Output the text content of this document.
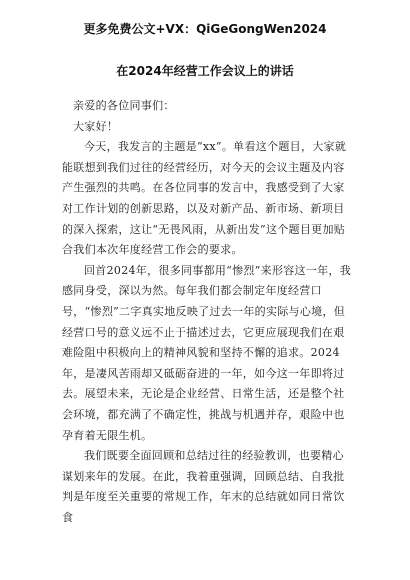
更多免费公文+VX：QiGeGongWen2024
在2024年经营工作会议上的讲话

亲爱的各位同事们：

大家好！

今天，我发言的主题是“xx”。单看这个题目，大家就能联想到我们过往的经营经历，对今天的会议主题及内容产生强烈的共鸣。在各位同事的发言中，我感受到了大家对工作计划的创新思路，以及对新产品、新市场、新项目的深入探索，这让“无畏风雨，从新出发”这个题目更加贴合我们本次年度经营工作会的要求。

回首2024年，很多同事都用“惨烈”来形容这一年，我感同身受，深以为然。每年我们都会制定年度经营口号，“惨烈”二字真实地反映了过去一年的实际与心境，但经营口号的意义远不止于描述过去，它更应展现我们在艰难险阻中积极向上的精神风貌和坚持不懈的追求。2024年，是凄风苦雨却又砥砺奋进的一年，如今这一年即将过去。展望未来，无论是企业经营、日常生活，还是整个社会环境，都充满了不确定性，挑战与机遇并存，艰险中也孕育着无限生机。

我们既要全面回顾和总结过往的经验教训，也要精心谋划来年的发展。在此，我着重强调，回顾总结、自我批判是年度至关重要的常规工作，年末的总结就如同日常饮食
